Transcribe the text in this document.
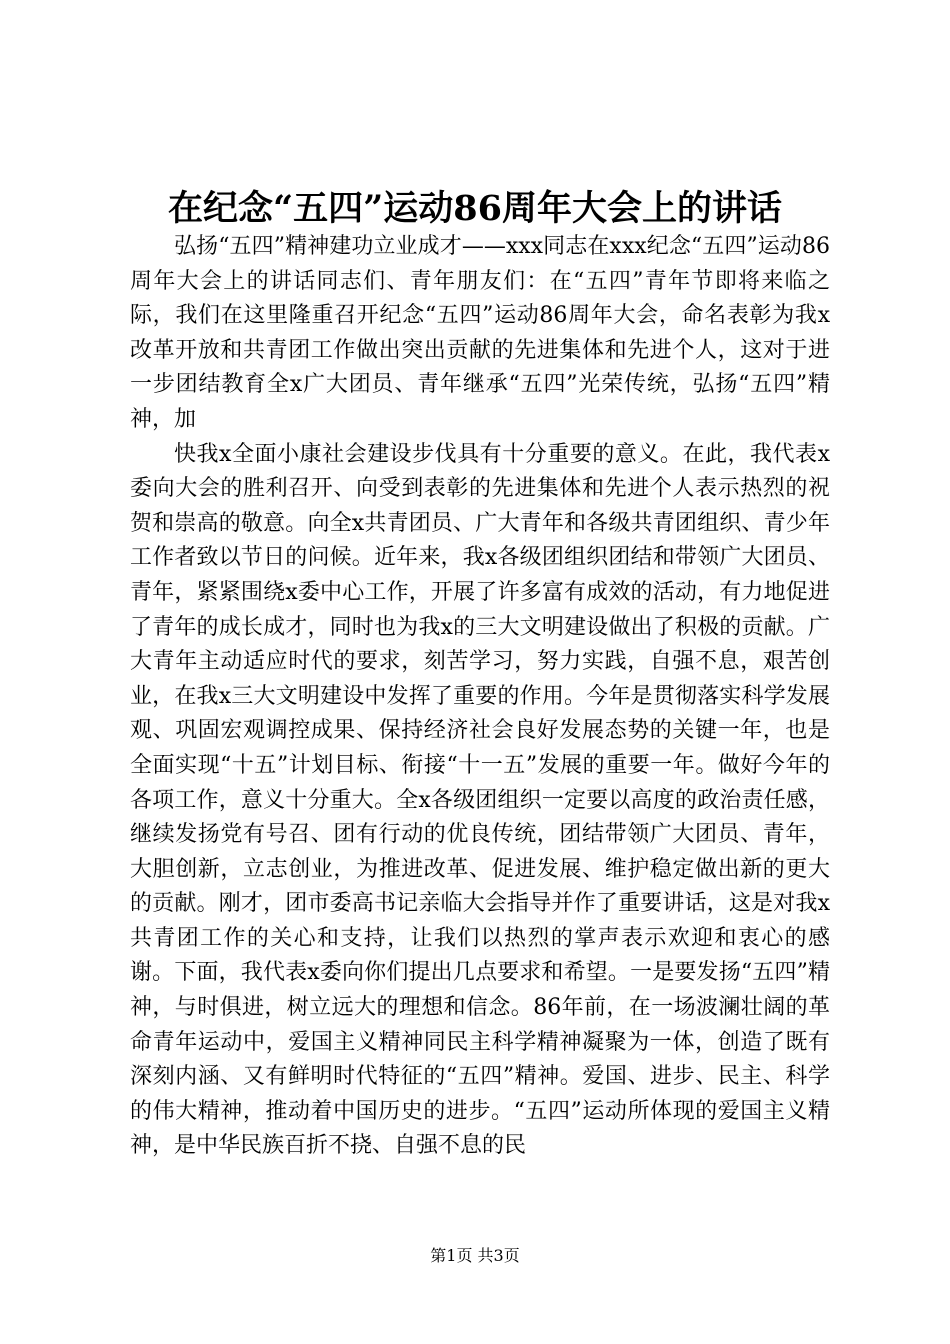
在纪念“五四”运动86周年大会上的讲话

弘扬“五四”精神建功立业成才——xxx同志在xxx纪念“五四”运动86周年大会上的讲话同志们、青年朋友们：在“五四”青年节即将来临之际，我们在这里隆重召开纪念“五四”运动86周年大会，命名表彰为我x改革开放和共青团工作做出突出贡献的先进集体和先进个人，这对于进一步团结教育全x广大团员、青年继承“五四”光荣传统，弘扬“五四”精神，加

快我x全面小康社会建设步伐具有十分重要的意义。在此，我代表x委向大会的胜利召开、向受到表彰的先进集体和先进个人表示热烈的祝贺和崇高的敬意。向全x共青团员、广大青年和各级共青团组织、青少年工作者致以节日的问候。近年来，我x各级团组织团结和带领广大团员、青年，紧紧围绕x委中心工作，开展了许多富有成效的活动，有力地促进了青年的成长成才，同时也为我x的三大文明建设做出了积极的贡献。广大青年主动适应时代的要求，刻苦学习，努力实践，自强不息，艰苦创业，在我x三大文明建设中发挥了重要的作用。今年是贯彻落实科学发展观、巩固宏观调控成果、保持经济社会良好发展态势的关键一年，也是全面实现“十五”计划目标、衔接“十一五”发展的重要一年。做好今年的各项工作，意义十分重大。全x各级团组织一定要以高度的政治责任感，继续发扬党有号召、团有行动的优良传统，团结带领广大团员、青年，大胆创新，立志创业，为推进改革、促进发展、维护稳定做出新的更大的贡献。刚才，团市委高书记亲临大会指导并作了重要讲话，这是对我x共青团工作的关心和支持，让我们以热烈的掌声表示欢迎和衷心的感谢。下面，我代表x委向你们提出几点要求和希望。一是要发扬“五四”精神，与时俱进，树立远大的理想和信念。86年前，在一场波澜壮阔的革命青年运动中，爱国主义精神同民主科学精神凝聚为一体，创造了既有深刻内涵、又有鲜明时代特征的“五四”精神。爱国、进步、民主、科学的伟大精神，推动着中国历史的进步。“五四”运动所体现的爱国主义精神，是中华民族百折不挠、自强不息的民

第1页 共3页
